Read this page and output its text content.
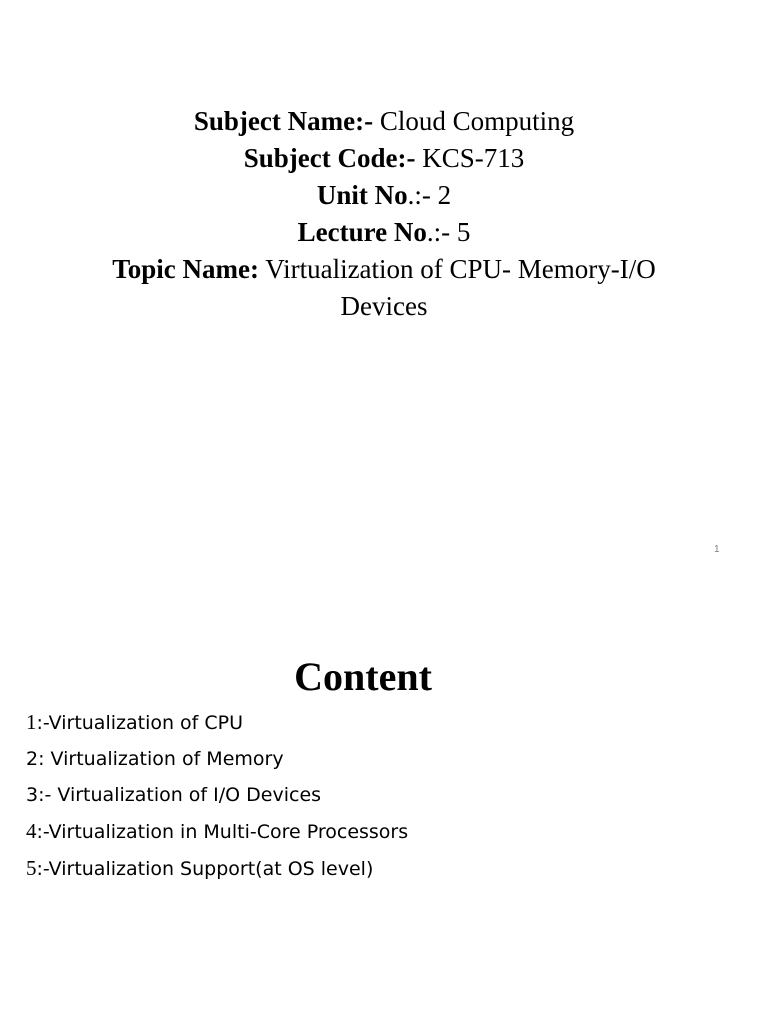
Subject Name:- Cloud Computing
Subject Code:- KCS-713
Unit No.:- 2
Lecture No.:- 5
Topic Name: Virtualization of CPU- Memory-I/O
Devices
1
Content
1:-Virtualization of CPU
2: Virtualization of Memory
3:- Virtualization of I/O Devices
4:-Virtualization in Multi-Core Processors
5:-Virtualization Support(at OS level)
